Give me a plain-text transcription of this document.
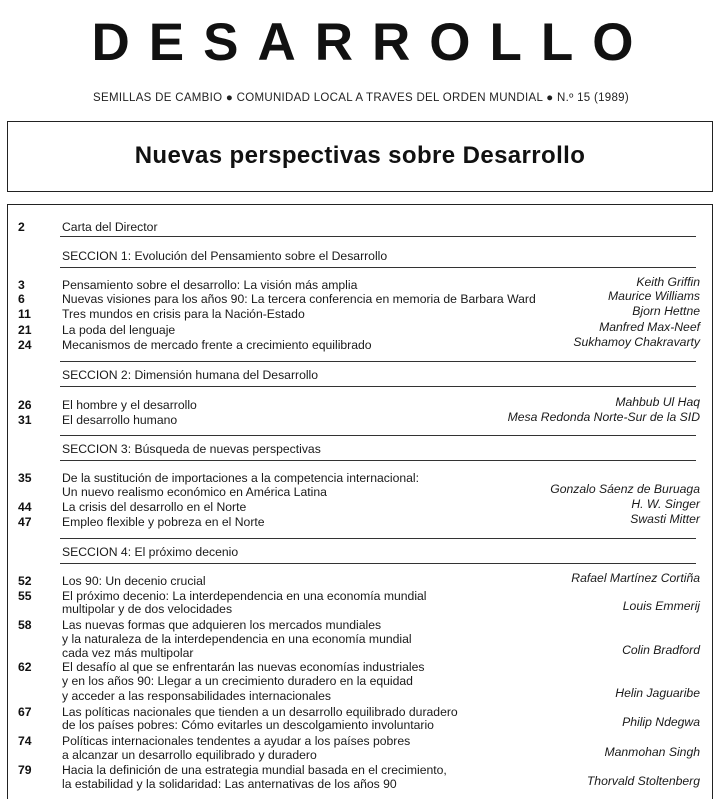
DESARROLLO
SEMILLAS DE CAMBIO ● COMUNIDAD LOCAL A TRAVES DEL ORDEN MUNDIAL ● N.º 15 (1989)
Nuevas perspectivas sobre Desarrollo
2	Carta del Director
SECCION 1: Evolución del Pensamiento sobre el Desarrollo
3	Pensamiento sobre el desarrollo: La visión más amplia	Keith Griffin
6	Nuevas visiones para los años 90: La tercera conferencia en memoria de Barbara Ward	Maurice Williams
11	Tres mundos en crisis para la Nación-Estado	Bjorn Hettne
21	La poda del lenguaje	Manfred Max-Neef
24	Mecanismos de mercado frente a crecimiento equilibrado	Sukhamoy Chakravarty
SECCION 2: Dimensión humana del Desarrollo
26	El hombre y el desarrollo	Mahbub Ul Haq
31	El desarrollo humano	Mesa Redonda Norte-Sur de la SID
SECCION 3: Búsqueda de nuevas perspectivas
35	De la sustitución de importaciones a la competencia internacional:
Un nuevo realismo económico en América Latina	Gonzalo Sáenz de Buruaga
44	La crisis del desarrollo en el Norte	H. W. Singer
47	Empleo flexible y pobreza en el Norte	Swasti Mitter
SECCION 4: El próximo decenio
52	Los 90: Un decenio crucial	Rafael Martínez Cortiña
55	El próximo decenio: La interdependencia en una economía mundial
multipolar y de dos velocidades	Louis Emmerij
58	Las nuevas formas que adquieren los mercados mundiales
y la naturaleza de la interdependencia en una economía mundial
cada vez más multipolar	Colin Bradford
62	El desafío al que se enfrentarán las nuevas economías industriales
y en los años 90: Llegar a un crecimiento duradero en la equidad
y acceder a las responsabilidades internacionales	Helin Jaguaribe
67	Las políticas nacionales que tienden a un desarrollo equilibrado duradero
de los países pobres: Cómo evitarles un descolgamiento involuntario	Philip Ndegwa
74	Políticas internacionales tendentes a ayudar a los países pobres
a alcanzar un desarrollo equilibrado y duradero	Manmohan Singh
79	Hacia la definición de una estrategia mundial basada en el crecimiento,
la estabilidad y la solidaridad: Las anternativas de los años 90	Thorvald Stoltenberg
